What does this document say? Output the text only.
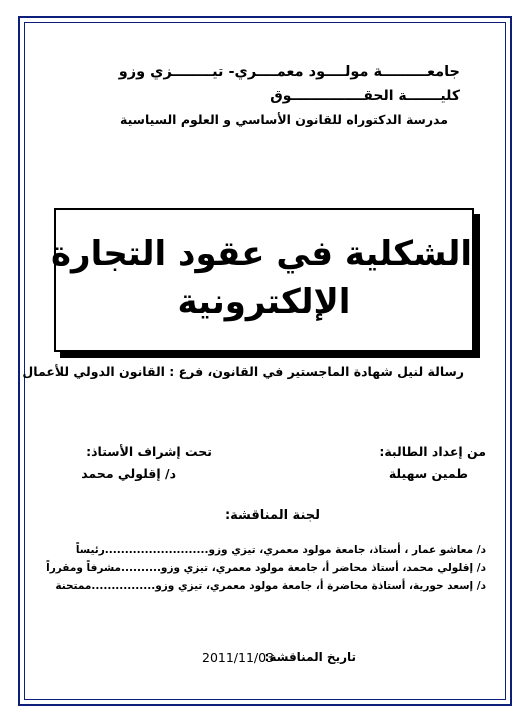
جامعـــــــــة مولــــود معمــــري- تيــــــــزي وزو
كليـــــــة الحقـــــــــــــــوق
مدرسة الدكتوراه للقانون الأساسي و العلوم السياسية
الشكلية في عقود التجارة
الإلكترونية
رسالة لنيل شهادة الماجستير في القانون، فرع : القانون الدولي للأعمال
من إعداد الطالبة:
طمين سهيلة
تحت إشراف الأستاذ:
د/ إقلولي محمد
لجنة المناقشة:
د/ معاشو عمار ، أستاذ، جامعة مولود معمري، تيزي وزو..........................رئيساً
د/ إقلولي محمد، أستاذ محاضر أ، جامعة مولود معمري، تيزي وزو..........مشرفاً ومقرراً
د/ إسعد حورية، أستاذة محاضرة أ، جامعة مولود معمري، تيزي وزو................ممتحنة
تاريخ المناقشة:
2011/11/03
